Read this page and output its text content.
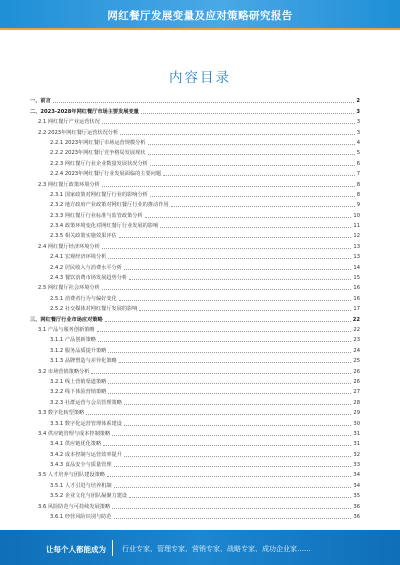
网红餐厅发展变量及应对策略研究报告
内容目录
一、前言	2
二、2023-2028年网红餐厅市场主要发展变量	3
2.1 网红餐厅产业运营状况	3
2.2 2023年网红餐厅运营状况分析	3
2.2.1 2023年网红餐厅市场运营规模分析	4
2.2.2 2023年网红餐厅竞争格局发展现状	5
2.2.3 网红餐厅行业企业数量发展状况分析	6
2.2.4 2023年网红餐厅行业发展面临的主要问题	7
2.3 网红餐厅政策环境分析	8
2.3.1 国家政策对网红餐厅行业的影响分析	8
2.3.2 地方政府产业政策对网红餐厅行业的推动作用	9
2.3.3 网红餐厅行业标准与监管政策分析	10
2.3.4 政策环境变化对网红餐厅行业发展的影响	11
2.3.5 相关政策实施效果评估	12
2.4 网红餐厅经济环境分析	13
2.4.1 宏观经济环境分析	13
2.4.2 居民收入与消费水平分析	14
2.4.3 餐饮消费市场发展趋势分析	15
2.5 网红餐厅社会环境分析	16
2.5.1 消费者行为与偏好变化	16
2.5.2 社交媒体对网红餐厅发展的影响	17
三、网红餐厅行业市场应对策略	22
3.1 产品与服务创新策略	22
3.1.1 产品创新策略	23
3.1.2 服务品质提升策略	24
3.1.3 品牌塑造与差异化策略	25
3.2 市场营销策略分析	26
3.2.1 线上营销渠道策略	26
3.2.2 线下体验营销策略	27
3.2.3 社群运营与会员管理策略	28
3.3 数字化转型策略	29
3.3.1 数字化运营管理体系建设	30
3.4 供应链管理与成本控制策略	31
3.4.1 供应链优化策略	31
3.4.2 成本控制与运营效率提升	32
3.4.3 食品安全与质量管理	33
3.5 人才培养与团队建设策略	34
3.5.1 人才引进与培养机制	34
3.5.2 企业文化与团队凝聚力建设	35
3.6 风险防范与可持续发展策略	36
3.6.1 经营风险识别与防范	36
让每个人都能成为 行业专家、管理专家、营销专家、战略专家、成功企业家……
